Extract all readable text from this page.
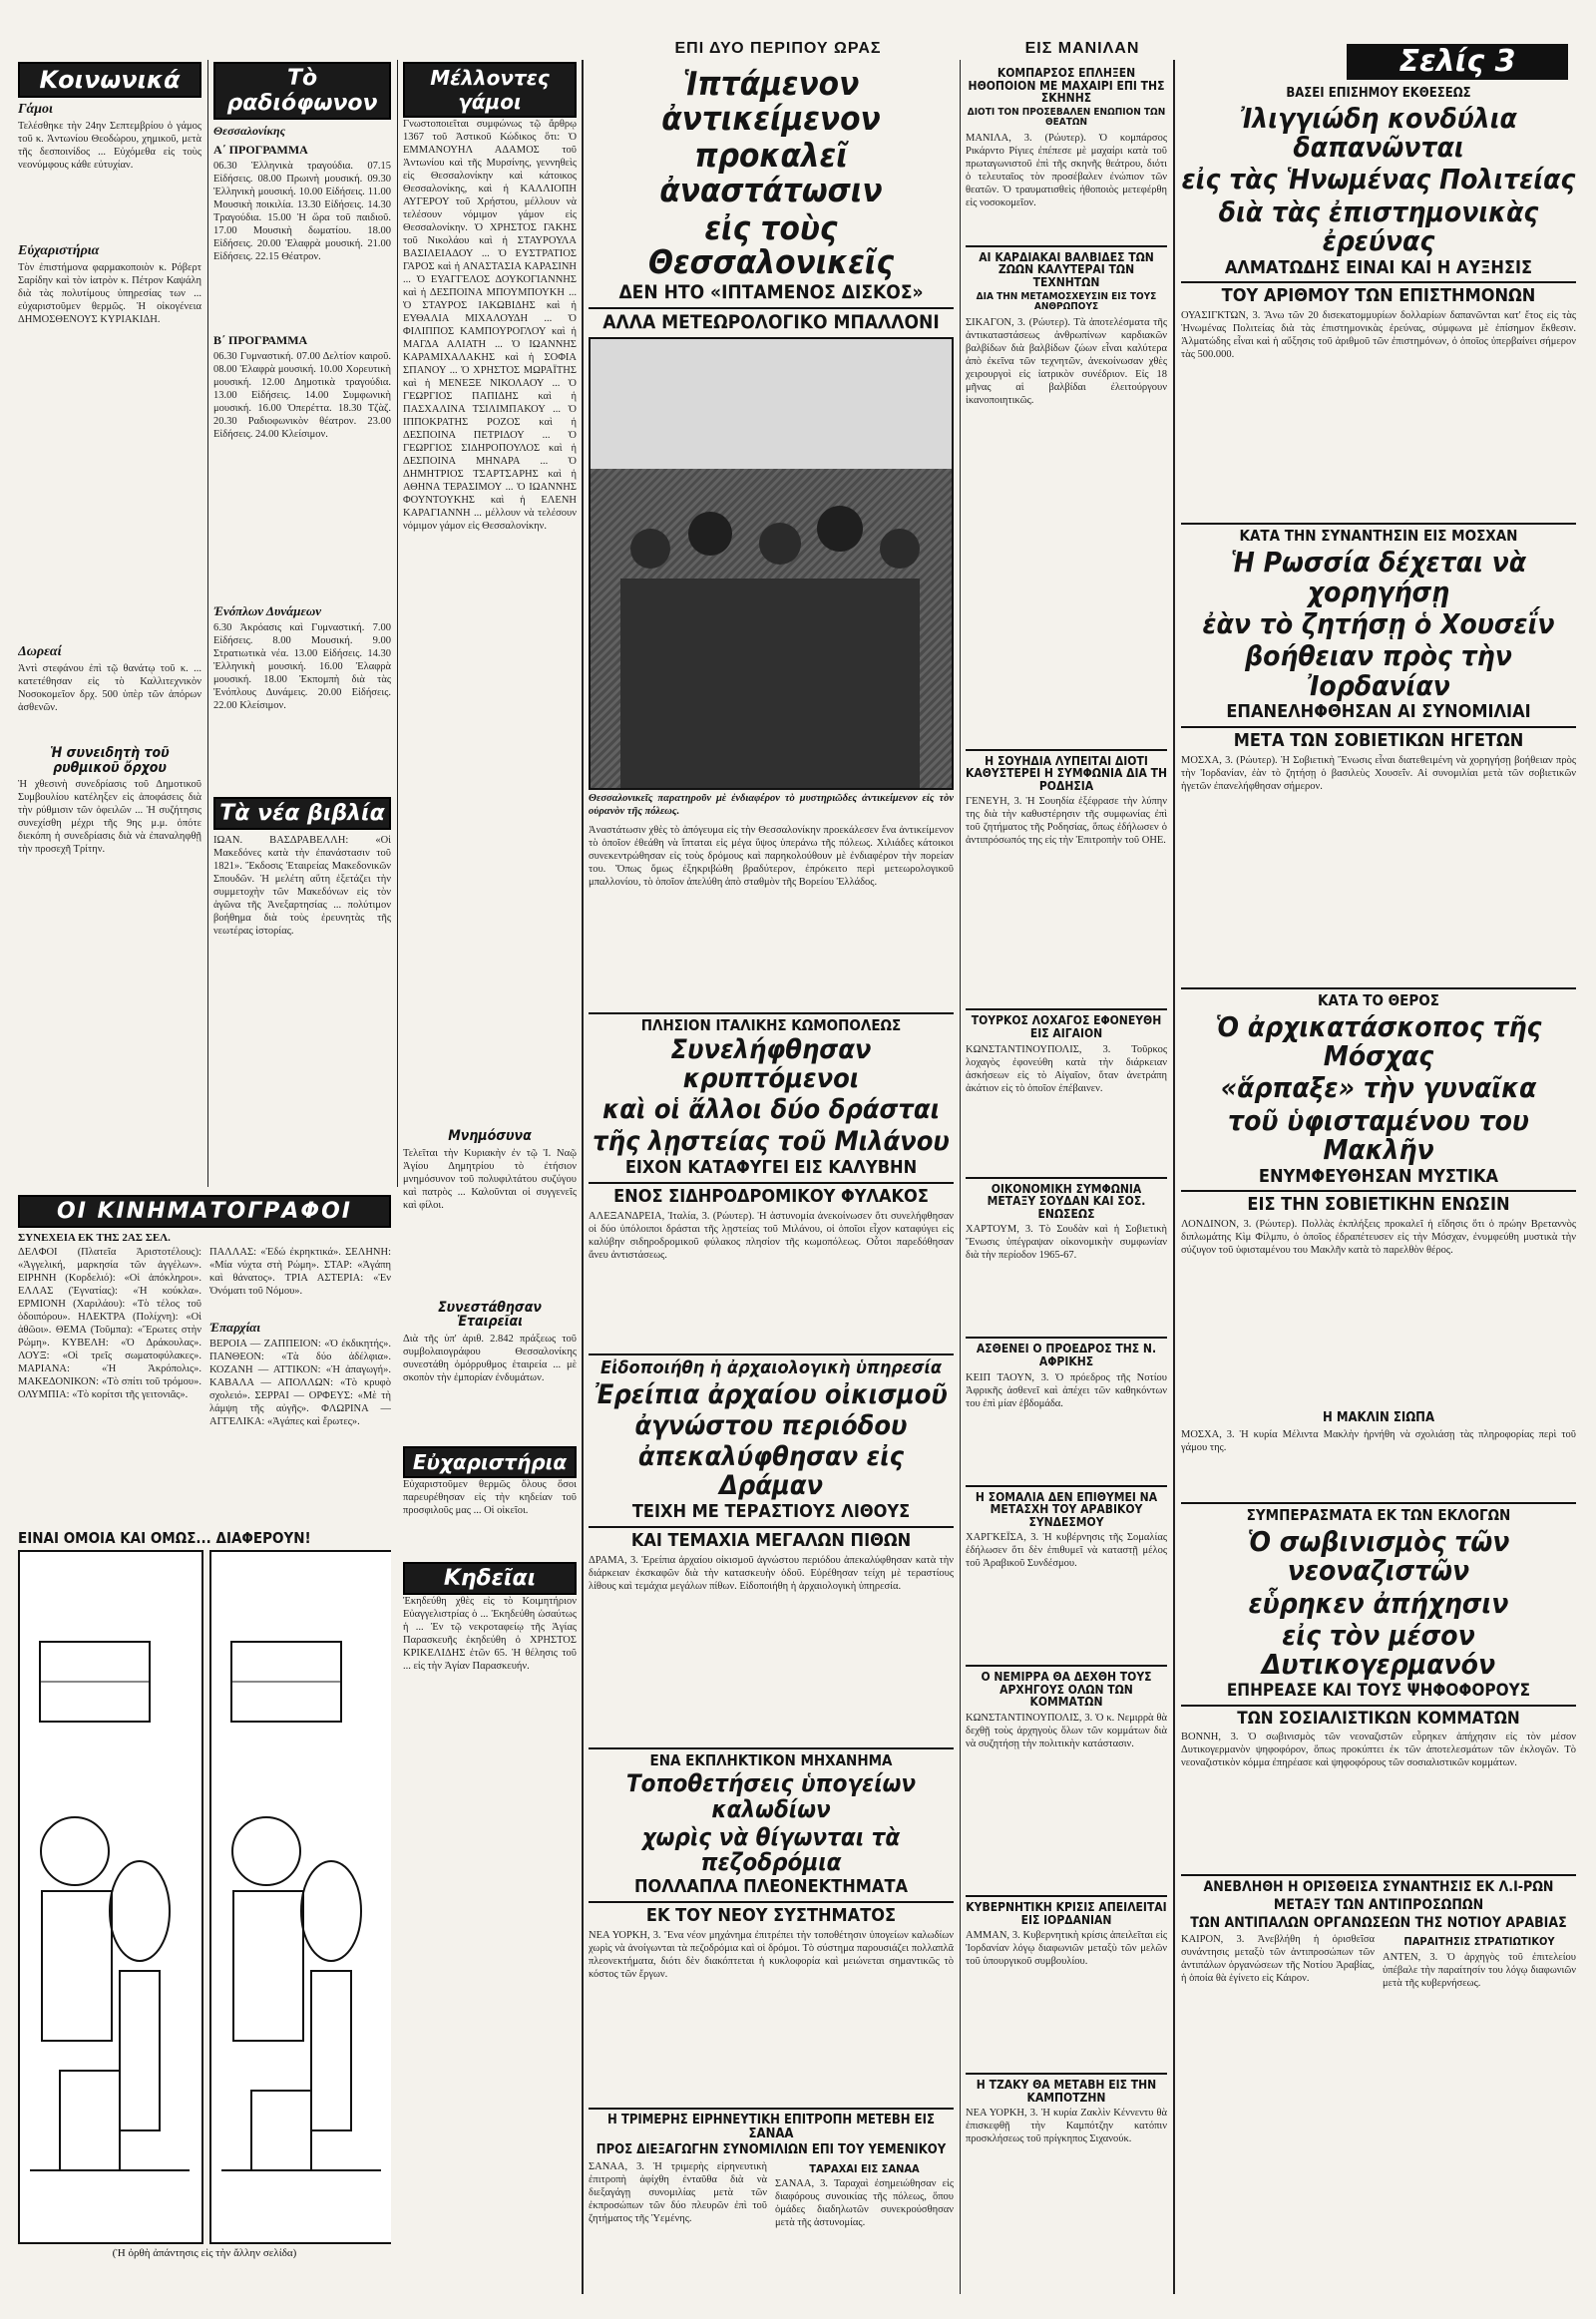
ΕΠΙ ΔΥΟ ΠΕΡΙΠΟΥ ΩΡΑΣ	ΕΙΣ ΜΑΝΙΛΑΝ	Σελίς 3
Κοινωνικά
Γάμοι

Τελέσθηκε τὴν 24ην Σεπτεμβρίου ὁ γάμος τοῦ κ. Ἀντωνίου Θεοδώρου, χημικοῦ, μετὰ τῆς δεσποινίδος ... Εὐχόμεθα εἰς τοὺς νεονύμφους κάθε εὐτυχίαν.

Εὐχαριστήρια

Τὸν ἐπιστήμονα φαρμακοποιὸν κ. Ρόβερτ Σαρίδην καὶ τὸν ἰατρὸν κ. Πέτρον Καψάλη διὰ τὰς πολυτίμους ὑπηρεσίας των ... εὐχαριστοῦμεν θερμῶς. Ἡ οἰκογένεια ΔΗΜΟΣΘΕΝΟΥΣ ΚΥΡΙΑΚΙΔΗ.

Δωρεαί

Ἀντὶ στεφάνου ἐπὶ τῷ θανάτῳ τοῦ κ. ... κατετέθησαν εἰς τὸ Καλλιτεχνικὸν Νοσοκομεῖον δρχ. 500 ὑπὲρ τῶν ἀπόρων ἀσθενῶν.

Ἡ συνειδητὴ τοῦ ρυθμικοῦ ὄρχου

Ἡ χθεσινὴ συνεδρίασις τοῦ Δημοτικοῦ Συμβουλίου κατέληξεν εἰς ἀποφάσεις διὰ τὴν ρύθμισιν τῶν ὀφειλῶν ... Ἡ συζήτησις συνεχίσθη μέχρι τῆς 9ης μ.μ. ὁπότε διεκόπη ἡ συνεδρίασις διὰ νὰ ἐπαναληφθῇ τὴν προσεχῆ Τρίτην.

Τὸ ραδιόφωνον
Θεσσαλονίκης
Α΄ ΠΡΟΓΡΑΜΜΑ

06.30 Ἑλληνικὰ τραγούδια. 07.15 Εἰδήσεις. 08.00 Πρωινὴ μουσική. 09.30 Ἑλληνικὴ μουσική. 10.00 Εἰδήσεις. 11.00 Μουσικὴ ποικιλία. 13.30 Εἰδήσεις. 14.30 Τραγούδια. 15.00 Ἡ ὥρα τοῦ παιδιοῦ. 17.00 Μουσικὴ δωματίου. 18.00 Εἰδήσεις. 20.00 Ἑλαφρὰ μουσική. 21.00 Εἰδήσεις. 22.15 Θέατρον.

Β΄ ΠΡΟΓΡΑΜΜΑ

06.30 Γυμναστική. 07.00 Δελτίον καιροῦ. 08.00 Ἑλαφρὰ μουσική. 10.00 Χορευτικὴ μουσική. 12.00 Δημοτικὰ τραγούδια. 13.00 Εἰδήσεις. 14.00 Συμφωνικὴ μουσική. 16.00 Ὀπερέττα. 18.30 Τζὰζ. 20.30 Ραδιοφωνικὸν θέατρον. 23.00 Εἰδήσεις. 24.00 Κλείσιμον.

Ἐνόπλων Δυνάμεων

6.30 Ἀκρόασις καὶ Γυμναστική. 7.00 Εἰδήσεις. 8.00 Μουσική. 9.00 Στρατιωτικὰ νέα. 13.00 Εἰδήσεις. 14.30 Ἑλληνικὴ μουσική. 16.00 Ἐλαφρὰ μουσική. 18.00 Ἐκπομπὴ διὰ τὰς Ἐνόπλους Δυνάμεις. 20.00 Εἰδήσεις. 22.00 Κλείσιμον.

Τὰ νέα βιβλία

ΙΩΑΝ. ΒΑΣΔΡΑΒΕΛΛΗ: «Οἱ Μακεδόνες κατὰ τὴν ἐπανάστασιν τοῦ 1821». Ἔκδοσις Ἑταιρείας Μακεδονικῶν Σπουδῶν. Ἡ μελέτη αὕτη ἐξετάζει τὴν συμμετοχὴν τῶν Μακεδόνων εἰς τὸν ἀγῶνα τῆς Ἀνεξαρτησίας ... πολύτιμον βοήθημα διὰ τοὺς ἐρευνητὰς τῆς νεωτέρας ἱστορίας.

Μέλλοντες γάμοι

Γνωστοποιεῖται συμφώνως τῷ ἄρθρῳ 1367 τοῦ Ἀστικοῦ Κώδικος ὅτι: Ὁ ΕΜΜΑΝΟΥΗΛ ΑΔΑΜΟΣ τοῦ Ἀντωνίου καὶ τῆς Μυρσίνης, γεννηθεὶς εἰς Θεσσαλονίκην καὶ κάτοικος Θεσσαλονίκης, καὶ ἡ ΚΑΛΛΙΟΠΗ ΑΥΓΕΡΟΥ τοῦ Χρήστου, μέλλουν νὰ τελέσουν νόμιμον γάμον εἰς Θεσσαλονίκην. Ὁ ΧΡΗΣΤΟΣ ΓΑΚΗΣ τοῦ Νικολάου καὶ ἡ ΣΤΑΥΡΟΥΛΑ ΒΑΣΙΛΕΙΑΔΟΥ ... Ὁ ΕΥΣΤΡΑΤΙΟΣ ΓΑΡΟΣ καὶ ἡ ΑΝΑΣΤΑΣΙΑ ΚΑΡΑΣΙΝΗ ... Ὁ ΕΥΑΓΓΕΛΟΣ ΔΟΥΚΟΓΙΑΝΝΗΣ καὶ ἡ ΔΕΣΠΟΙΝΑ ΜΠΟΥΜΠΟΥΚΗ ... Ὁ ΣΤΑΥΡΟΣ ΙΑΚΩΒΙΔΗΣ καὶ ἡ ΕΥΘΑΛΙΑ ΜΙΧΑΛΟΥΔΗ ... Ὁ ΦΙΛΙΠΠΟΣ ΚΑΜΠΟΥΡΟΓΛΟΥ καὶ ἡ ΜΑΓΔΑ ΑΛΙΑΤΗ ... Ὁ ΙΩΑΝΝΗΣ ΚΑΡΑΜΙΧΑΛΑΚΗΣ καὶ ἡ ΣΟΦΙΑ ΣΠΑΝΟΥ ... Ὁ ΧΡΗΣΤΟΣ ΜΩΡΑΪΤΗΣ καὶ ἡ ΜΕΝΕΞΕ ΝΙΚΟΛΑΟΥ ... Ὁ ΓΕΩΡΓΙΟΣ ΠΑΠΙΔΗΣ καὶ ἡ ΠΑΣΧΑΛΙΝΑ ΤΣΙΛΙΜΠΑΚΟΥ ... Ὁ ΙΠΠΟΚΡΑΤΗΣ ΡΟΖΟΣ καὶ ἡ ΔΕΣΠΟΙΝΑ ΠΕΤΡΙΔΟΥ ... Ὁ ΓΕΩΡΓΙΟΣ ΣΙΔΗΡΟΠΟΥΛΟΣ καὶ ἡ ΔΕΣΠΟΙΝΑ ΜΗΝΑΡΑ ... Ὁ ΔΗΜΗΤΡΙΟΣ ΤΣΑΡΤΣΑΡΗΣ καὶ ἡ ΑΘΗΝΑ ΤΕΡΑΣΙΜΟΥ ... Ὁ ΙΩΑΝΝΗΣ ΦΟΥΝΤΟΥΚΗΣ καὶ ἡ ΕΛΕΝΗ ΚΑΡΑΓΙΑΝΝΗ ... μέλλουν νὰ τελέσουν νόμιμον γάμον εἰς Θεσσαλονίκην.

Μνημόσυνα

Τελεῖται τὴν Κυριακὴν ἐν τῷ Ἱ. Ναῷ Ἁγίου Δημητρίου τὸ ἐτήσιον μνημόσυνον τοῦ πολυφιλτάτου συζύγου καὶ πατρὸς ... Καλοῦνται οἱ συγγενεῖς καὶ φίλοι.

Συνεστάθησαν Ἑταιρεῖαι

Διὰ τῆς ὑπ' ἀριθ. 2.842 πράξεως τοῦ συμβολαιογράφου Θεσσαλονίκης συνεστάθη ὁμόρρυθμος ἑταιρεία ... μὲ σκοπὸν τὴν ἐμπορίαν ἐνδυμάτων.

Εὐχαριστήρια

Εὐχαριστοῦμεν θερμῶς ὅλους ὅσοι παρευρέθησαν εἰς τὴν κηδείαν τοῦ προσφιλοῦς μας ... Οἱ οἰκεῖοι.

Κηδεῖαι

Ἐκηδεύθη χθὲς εἰς τὸ Κοιμητήριον Εὐαγγελιστρίας ὁ ... Ἐκηδεύθη ὡσαύτως ἡ ... Ἐν τῷ νεκροταφείῳ τῆς Ἁγίας Παρασκευῆς ἐκηδεύθη ὁ ΧΡΗΣΤΟΣ ΚΡΙΚΕΛΙΔΗΣ ἐτῶν 65. Ἡ θέλησις τοῦ ... εἰς τὴν Ἁγίαν Παρασκευήν.

ΟΙ ΚΙΝΗΜΑΤΟΓΡΑΦΟΙ
ΣΥΝΕΧΕΙΑ ΕΚ ΤΗΣ 2ΑΣ ΣΕΛ.

ΔΕΛΦΟΙ (Πλατεῖα Ἀριστοτέλους): «Ἀγγελική, μαρκησία τῶν ἀγγέλων». ΕΙΡΗΝΗ (Κορδελιό): «Οἱ ἀπόκληροι». ΕΛΛΑΣ (Ἐγνατίας): «Ἡ κούκλα». ΕΡΜΙΟΝΗ (Χαριλάου): «Τὸ τέλος τοῦ ὁδοιπόρου». ΗΛΕΚΤΡΑ (Πολίχνη): «Οἱ ἀθῶοι». ΘΕΜΑ (Τοῦμπα): «Ἔρωτες στὴν Ρώμη». ΚΥΒΕΛΗ: «Ὁ Δράκουλας». ΛΟΥΞ: «Οἱ τρεῖς σωματοφύλακες». ΜΑΡΙΑΝΑ: «Ἡ Ἀκρόπολις». ΜΑΚΕΔΟΝΙΚΟΝ: «Τὸ σπίτι τοῦ τρόμου». ΟΛΥΜΠΙΑ: «Τὸ κορίτσι τῆς γειτονιᾶς».

ΠΑΛΛΑΣ: «Ἐδώ ἐκρηκτικά». ΣΕΛΗΝΗ: «Μία νύχτα στὴ Ρώμη». ΣΤΑΡ: «Ἀγάπη καὶ θάνατος». ΤΡΙΑ ΑΣΤΕΡΙΑ: «Ἐν Ὀνόματι τοῦ Νόμου».

Ἐπαρχίαι

ΒΕΡΟΙΑ — ΖΑΠΠΕΙΟΝ: «Ὁ ἐκδικητής». ΠΑΝΘΕΟΝ: «Τὰ δύο ἀδέλφια». ΚΟΖΑΝΗ — ΑΤΤΙΚΟΝ: «Ἡ ἀπαγωγή». ΚΑΒΑΛΑ — ΑΠΟΛΛΩΝ: «Τὸ κρυφὸ σχολειό». ΣΕΡΡΑΙ — ΟΡΦΕΥΣ: «Μὲ τὴ λάμψη τῆς αὐγῆς». ΦΛΩΡΙΝΑ — ΑΓΓΕΛΙΚΑ: «Ἀγάπες καὶ ἔρωτες».

ΕΙΝΑΙ ΟΜΟΙΑ ΚΑΙ ΟΜΩΣ... ΔΙΑΦΕΡΟΥΝ!
(Ἡ ὀρθὴ ἀπάντησις εἰς τὴν ἄλλην σελίδα)
Ἱπτάμενον ἀντικείμενον
προκαλεῖ ἀναστάτωσιν
εἰς τοὺς Θεσσαλονικεῖς
ΔΕΝ ΗΤΟ «ΙΠΤΑΜΕΝΟΣ ΔΙΣΚΟΣ»
ΑΛΛΑ ΜΕΤΕΩΡΟΛΟΓΙΚΟ ΜΠΑΛΛΟΝΙ
Θεσσαλονικεῖς παρατηροῦν μὲ ἐνδιαφέρον τὸ μυστηριῶδες ἀντικείμενον εἰς τὸν οὐρανὸν τῆς πόλεως.

Ἀναστάτωσιν χθὲς τὸ ἀπόγευμα εἰς τὴν Θεσσαλονίκην προεκάλεσεν ἕνα ἀντικείμενον τὸ ὁποῖον ἐθεάθη νὰ ἵπταται εἰς μέγα ὕψος ὑπεράνω τῆς πόλεως. Χιλιάδες κάτοικοι συνεκεντρώθησαν εἰς τοὺς δρόμους καὶ παρηκολούθουν μὲ ἐνδιαφέρον τὴν πορείαν του. Ὅπως ὅμως ἐξηκριβώθη βραδύτερον, ἐπρόκειτο περὶ μετεωρολογικοῦ μπαλλονίου, τὸ ὁποῖον ἀπελύθη ἀπὸ σταθμὸν τῆς Βορείου Ἑλλάδος.

ΠΛΗΣΙΟΝ ΙΤΑΛΙΚΗΣ ΚΩΜΟΠΟΛΕΩΣ
Συνελήφθησαν κρυπτόμενοι
καὶ οἱ ἄλλοι δύο δράσται
τῆς λῃστείας τοῦ Μιλάνου
ΕΙΧΟΝ ΚΑΤΑΦΥΓΕΙ ΕΙΣ ΚΑΛΥΒΗΝ
ΕΝΟΣ ΣΙΔΗΡΟΔΡΟΜΙΚΟΥ ΦΥΛΑΚΟΣ

ΑΛΕΞΑΝΔΡΕΙΑ, Ἰταλία, 3. (Ρώυτερ). Ἡ ἀστυνομία ἀνεκοίνωσεν ὅτι συνελήφθησαν οἱ δύο ὑπόλοιποι δράσται τῆς λῃστείας τοῦ Μιλάνου, οἱ ὁποῖοι εἶχον καταφύγει εἰς καλύβην σιδηροδρομικοῦ φύλακος πλησίον τῆς κωμοπόλεως. Οὗτοι παρεδόθησαν ἄνευ ἀντιστάσεως.

Εἰδοποιήθη ἡ ἀρχαιολογικὴ ὑπηρεσία
Ἐρείπια ἀρχαίου οἰκισμοῦ
ἀγνώστου περιόδου
ἀπεκαλύφθησαν εἰς Δράμαν
ΤΕΙΧΗ ΜΕ ΤΕΡΑΣΤΙΟΥΣ ΛΙΘΟΥΣ
ΚΑΙ ΤΕΜΑΧΙΑ ΜΕΓΑΛΩΝ ΠΙΘΩΝ

ΔΡΑΜΑ, 3. Ἐρείπια ἀρχαίου οἰκισμοῦ ἀγνώστου περιόδου ἀπεκαλύφθησαν κατὰ τὴν διάρκειαν ἐκσκαφῶν διὰ τὴν κατασκευὴν ὁδοῦ. Εὑρέθησαν τείχη μὲ τεραστίους λίθους καὶ τεμάχια μεγάλων πίθων. Εἰδοποιήθη ἡ ἀρχαιολογικὴ ὑπηρεσία.

ΕΝΑ ΕΚΠΛΗΚΤΙΚΟΝ ΜΗΧΑΝΗΜΑ
Τοποθετήσεις ὑπογείων καλωδίων
χωρὶς νὰ θίγωνται τὰ πεζοδρόμια
ΠΟΛΛΑΠΛΑ ΠΛΕΟΝΕΚΤΗΜΑΤΑ
ΕΚ ΤΟΥ ΝΕΟΥ ΣΥΣΤΗΜΑΤΟΣ

ΝΕΑ ΥΟΡΚΗ, 3. Ἕνα νέον μηχάνημα ἐπιτρέπει τὴν τοποθέτησιν ὑπογείων καλωδίων χωρὶς νὰ ἀνοίγωνται τὰ πεζοδρόμια καὶ οἱ δρόμοι. Τὸ σύστημα παρουσιάζει πολλαπλᾶ πλεονεκτήματα, διότι δὲν διακόπτεται ἡ κυκλοφορία καὶ μειώνεται σημαντικῶς τὸ κόστος τῶν ἔργων.

Η ΤΡΙΜΕΡΗΣ ΕΙΡΗΝΕΥΤΙΚΗ ΕΠΙΤΡΟΠΗ ΜΕΤΕΒΗ ΕΙΣ ΣΑΝΑΑ
ΠΡΟΣ ΔΙΕΞΑΓΩΓΗΝ ΣΥΝΟΜΙΛΙΩΝ ΕΠΙ ΤΟΥ ΥΕΜΕΝΙΚΟΥ

ΣΑΝΑΑ, 3. Ἡ τριμερὴς εἰρηνευτικὴ ἐπιτροπὴ ἀφίχθη ἐνταῦθα διὰ νὰ διεξαγάγῃ συνομιλίας μετὰ τῶν ἐκπροσώπων τῶν δύο πλευρῶν ἐπὶ τοῦ ζητήματος τῆς Ὑεμένης.

ΤΑΡΑΧΑΙ ΕΙΣ ΣΑΝΑΑ

ΣΑΝΑΑ, 3. Ταραχαὶ ἐσημειώθησαν εἰς διαφόρους συνοικίας τῆς πόλεως, ὅπου ὁμάδες διαδηλωτῶν συνεκρούσθησαν μετὰ τῆς ἀστυνομίας.

ΚΟΜΠΑΡΣΟΣ ΕΠΛΗΞΕΝ ΗΘΟΠΟΙΟΝ ΜΕ ΜΑΧΑΙΡΙ ΕΠΙ ΤΗΣ ΣΚΗΝΗΣ
ΔΙΟΤΙ ΤΟΝ ΠΡΟΣΕΒΑΛΕΝ ΕΝΩΠΙΟΝ ΤΩΝ ΘΕΑΤΩΝ

ΜΑΝΙΛΑ, 3. (Ρώυτερ). Ὁ κομπάρσος Ρικάρντο Ρίγιες ἐπέπεσε μὲ μαχαίρι κατὰ τοῦ πρωταγωνιστοῦ ἐπὶ τῆς σκηνῆς θεάτρου, διότι ὁ τελευταῖος τὸν προσέβαλεν ἐνώπιον τῶν θεατῶν. Ὁ τραυματισθεὶς ἠθοποιὸς μετεφέρθη εἰς νοσοκομεῖον.

ΑΙ ΚΑΡΔΙΑΚΑΙ ΒΑΛΒΙΔΕΣ ΤΩΝ ΖΩΩΝ ΚΑΛΥΤΕΡΑΙ ΤΩΝ ΤΕΧΝΗΤΩΝ
ΔΙΑ ΤΗΝ ΜΕΤΑΜΟΣΧΕΥΣΙΝ ΕΙΣ ΤΟΥΣ ΑΝΘΡΩΠΟΥΣ

ΣΙΚΑΓΟΝ, 3. (Ρώυτερ). Τὰ ἀποτελέσματα τῆς ἀντικαταστάσεως ἀνθρωπίνων καρδιακῶν βαλβίδων διὰ βαλβίδων ζώων εἶναι καλύτερα ἀπὸ ἐκεῖνα τῶν τεχνητῶν, ἀνεκοίνωσαν χθὲς χειρουργοὶ εἰς ἰατρικὸν συνέδριον. Εἰς 18 μῆνας αἱ βαλβίδαι ἐλειτούργουν ἱκανοποιητικῶς.

Η ΣΟΥΗΔΙΑ ΛΥΠΕΙΤΑΙ ΔΙΟΤΙ ΚΑΘΥΣΤΕΡΕΙ Η ΣΥΜΦΩΝΙΑ ΔΙΑ ΤΗ ΡΟΔΗΣΙΑ

ΓΕΝΕΥΗ, 3. Ἡ Σουηδία ἐξέφρασε τὴν λύπην της διὰ τὴν καθυστέρησιν τῆς συμφωνίας ἐπὶ τοῦ ζητήματος τῆς Ροδησίας, ὅπως ἐδήλωσεν ὁ ἀντιπρόσωπός της εἰς τὴν Ἐπιτροπὴν τοῦ ΟΗΕ.

ΤΟΥΡΚΟΣ ΛΟΧΑΓΟΣ ΕΦΟΝΕΥΘΗ ΕΙΣ ΑΙΓΑΙΟΝ

ΚΩΝΣΤΑΝΤΙΝΟΥΠΟΛΙΣ, 3. Τοῦρκος λοχαγὸς ἐφονεύθη κατὰ τὴν διάρκειαν ἀσκήσεων εἰς τὸ Αἰγαῖον, ὅταν ἀνετράπη ἀκάτιον εἰς τὸ ὁποῖον ἐπέβαινεν.

ΟΙΚΟΝΟΜΙΚΗ ΣΥΜΦΩΝΙΑ ΜΕΤΑΞΥ ΣΟΥΔΑΝ ΚΑΙ ΣΟΣ. ΕΝΩΣΕΩΣ

ΧΑΡΤΟΥΜ, 3. Τὸ Σουδὰν καὶ ἡ Σοβιετικὴ Ἕνωσις ὑπέγραψαν οἰκονομικὴν συμφωνίαν διὰ τὴν περίοδον 1965-67.

ΑΣΘΕΝΕΙ Ο ΠΡΟΕΔΡΟΣ ΤΗΣ Ν. ΑΦΡΙΚΗΣ

ΚΕΙΠ ΤΑΟΥΝ, 3. Ὁ πρόεδρος τῆς Νοτίου Ἀφρικῆς ἀσθενεῖ καὶ ἀπέχει τῶν καθηκόντων του ἐπὶ μίαν ἑβδομάδα.

Η ΣΟΜΑΛΙΑ ΔΕΝ ΕΠΙΘΥΜΕΙ ΝΑ ΜΕΤΑΣΧΗ ΤΟΥ ΑΡΑΒΙΚΟΥ ΣΥΝΔΕΣΜΟΥ

ΧΑΡΓΚΕΪΣΑ, 3. Ἡ κυβέρνησις τῆς Σομαλίας ἐδήλωσεν ὅτι δὲν ἐπιθυμεῖ νὰ καταστῇ μέλος τοῦ Ἀραβικοῦ Συνδέσμου.

Ο ΝΕΜΙΡΡΑ ΘΑ ΔΕΧΘΗ ΤΟΥΣ ΑΡΧΗΓΟΥΣ ΟΛΩΝ ΤΩΝ ΚΟΜΜΑΤΩΝ

ΚΩΝΣΤΑΝΤΙΝΟΥΠΟΛΙΣ, 3. Ὁ κ. Νεμιρρὰ θὰ δεχθῇ τοὺς ἀρχηγοὺς ὅλων τῶν κομμάτων διὰ νὰ συζητήσῃ τὴν πολιτικὴν κατάστασιν.

ΚΥΒΕΡΝΗΤΙΚΗ ΚΡΙΣΙΣ ΑΠΕΙΛΕΙΤΑΙ ΕΙΣ ΙΟΡΔΑΝΙΑΝ

ΑΜΜΑΝ, 3. Κυβερνητικὴ κρίσις ἀπειλεῖται εἰς Ἰορδανίαν λόγῳ διαφωνιῶν μεταξὺ τῶν μελῶν τοῦ ὑπουργικοῦ συμβουλίου.

Η ΤΖΑΚΥ ΘΑ ΜΕΤΑΒΗ ΕΙΣ ΤΗΝ ΚΑΜΠΟΤΖΗΝ

ΝΕΑ ΥΟΡΚΗ, 3. Ἡ κυρία Ζακλὶν Κέννεντυ θὰ ἐπισκεφθῇ τὴν Καμπότζην κατόπιν προσκλήσεως τοῦ πρίγκηπος Σιχανούκ.

ΒΑΣΕΙ ΕΠΙΣΗΜΟΥ ΕΚΘΕΣΕΩΣ
Ἰλιγγιώδη κονδύλια δαπανῶνται
εἰς τὰς Ἡνωμένας Πολιτείας
διὰ τὰς ἐπιστημονικὰς ἐρεύνας
ΑΛΜΑΤΩΔΗΣ ΕΙΝΑΙ ΚΑΙ Η ΑΥΞΗΣΙΣ
ΤΟΥ ΑΡΙΘΜΟΥ ΤΩΝ ΕΠΙΣΤΗΜΟΝΩΝ

ΟΥΑΣΙΓΚΤΩΝ, 3. Ἄνω τῶν 20 δισεκατομμυρίων δολλαρίων δαπανῶνται κατ' ἔτος εἰς τὰς Ἡνωμένας Πολιτείας διὰ τὰς ἐπιστημονικὰς ἐρεύνας, σύμφωνα μὲ ἐπίσημον ἔκθεσιν. Ἀλματώδης εἶναι καὶ ἡ αὔξησις τοῦ ἀριθμοῦ τῶν ἐπιστημόνων, ὁ ὁποῖος ὑπερβαίνει σήμερον τὰς 500.000.

ΚΑΤΑ ΤΗΝ ΣΥΝΑΝΤΗΣΙΝ ΕΙΣ ΜΟΣΧΑΝ
Ἡ Ρωσσία δέχεται νὰ χορηγήσῃ
ἐὰν τὸ ζητήσῃ ὁ Χουσεΐν
βοήθειαν πρὸς τὴν Ἰορδανίαν
ΕΠΑΝΕΛΗΦΘΗΣΑΝ ΑΙ ΣΥΝΟΜΙΛΙΑΙ
ΜΕΤΑ ΤΩΝ ΣΟΒΙΕΤΙΚΩΝ ΗΓΕΤΩΝ

ΜΟΣΧΑ, 3. (Ρώυτερ). Ἡ Σοβιετικὴ Ἕνωσις εἶναι διατεθειμένη νὰ χορηγήσῃ βοήθειαν πρὸς τὴν Ἰορδανίαν, ἐὰν τὸ ζητήσῃ ὁ βασιλεὺς Χουσεΐν. Αἱ συνομιλίαι μετὰ τῶν σοβιετικῶν ἡγετῶν ἐπανελήφθησαν σήμερον.

ΚΑΤΑ ΤΟ ΘΕΡΟΣ
Ὁ ἀρχικατάσκοπος τῆς Μόσχας
«ἅρπαξε» τὴν γυναῖκα
τοῦ ὑφισταμένου του Μακλῆν
ΕΝΥΜΦΕΥΘΗΣΑΝ ΜΥΣΤΙΚΑ
ΕΙΣ ΤΗΝ ΣΟΒΙΕΤΙΚΗΝ ΕΝΩΣΙΝ

ΛΟΝΔΙΝΟΝ, 3. (Ρώυτερ). Πολλὰς ἐκπλήξεις προκαλεῖ ἡ εἴδησις ὅτι ὁ πρώην Βρεταννὸς διπλωμάτης Κὶμ Φίλμπυ, ὁ ὁποῖος ἐδραπέτευσεν εἰς τὴν Μόσχαν, ἐνυμφεύθη μυστικὰ τὴν σύζυγον τοῦ ὑφισταμένου του Μακλῆν κατὰ τὸ παρελθὸν θέρος.

Η ΜΑΚΛΙΝ ΣΙΩΠΑ

ΜΟΣΧΑ, 3. Ἡ κυρία Μέλιντα Μακλὴν ἠρνήθη νὰ σχολιάσῃ τὰς πληροφορίας περὶ τοῦ γάμου της.

ΣΥΜΠΕΡΑΣΜΑΤΑ ΕΚ ΤΩΝ ΕΚΛΟΓΩΝ
Ὁ σωβινισμὸς τῶν νεοναζιστῶν
εὗρηκεν ἀπήχησιν
εἰς τὸν μέσον Δυτικογερμανόν
ΕΠΗΡΕΑΣΕ ΚΑΙ ΤΟΥΣ ΨΗΦΟΦΟΡΟΥΣ
ΤΩΝ ΣΟΣΙΑΛΙΣΤΙΚΩΝ ΚΟΜΜΑΤΩΝ

ΒΟΝΝΗ, 3. Ὁ σωβινισμὸς τῶν νεοναζιστῶν εὗρηκεν ἀπήχησιν εἰς τὸν μέσον Δυτικογερμανὸν ψηφοφόρον, ὅπως προκύπτει ἐκ τῶν ἀποτελεσμάτων τῶν ἐκλογῶν. Τὸ νεοναζιστικὸν κόμμα ἐπηρέασε καὶ ψηφοφόρους τῶν σοσιαλιστικῶν κομμάτων.

ΑΝΕΒΛΗΘΗ Η ΟΡΙΣΘΕΙΣΑ ΣΥΝΑΝΤΗΣΙΣ ΕΚ Λ.Ι-ΡΩΝ
ΜΕΤΑΞΥ ΤΩΝ ΑΝΤΙΠΡΟΣΩΠΩΝ
ΤΩΝ ΑΝΤΙΠΑΛΩΝ ΟΡΓΑΝΩΣΕΩΝ ΤΗΣ ΝΟΤΙΟΥ ΑΡΑΒΙΑΣ

ΚΑΙΡΟΝ, 3. Ἀνεβλήθη ἡ ὁρισθεῖσα συνάντησις μεταξὺ τῶν ἀντιπροσώπων τῶν ἀντιπάλων ὀργανώσεων τῆς Νοτίου Ἀραβίας, ἡ ὁποία θὰ ἐγίνετο εἰς Κάιρον.

ΠΑΡΑΙΤΗΣΙΣ ΣΤΡΑΤΙΩΤΙΚΟΥ

ΑΝΤΕΝ, 3. Ὁ ἀρχηγὸς τοῦ ἐπιτελείου ὑπέβαλε τὴν παραίτησίν του λόγῳ διαφωνιῶν μετὰ τῆς κυβερνήσεως.
